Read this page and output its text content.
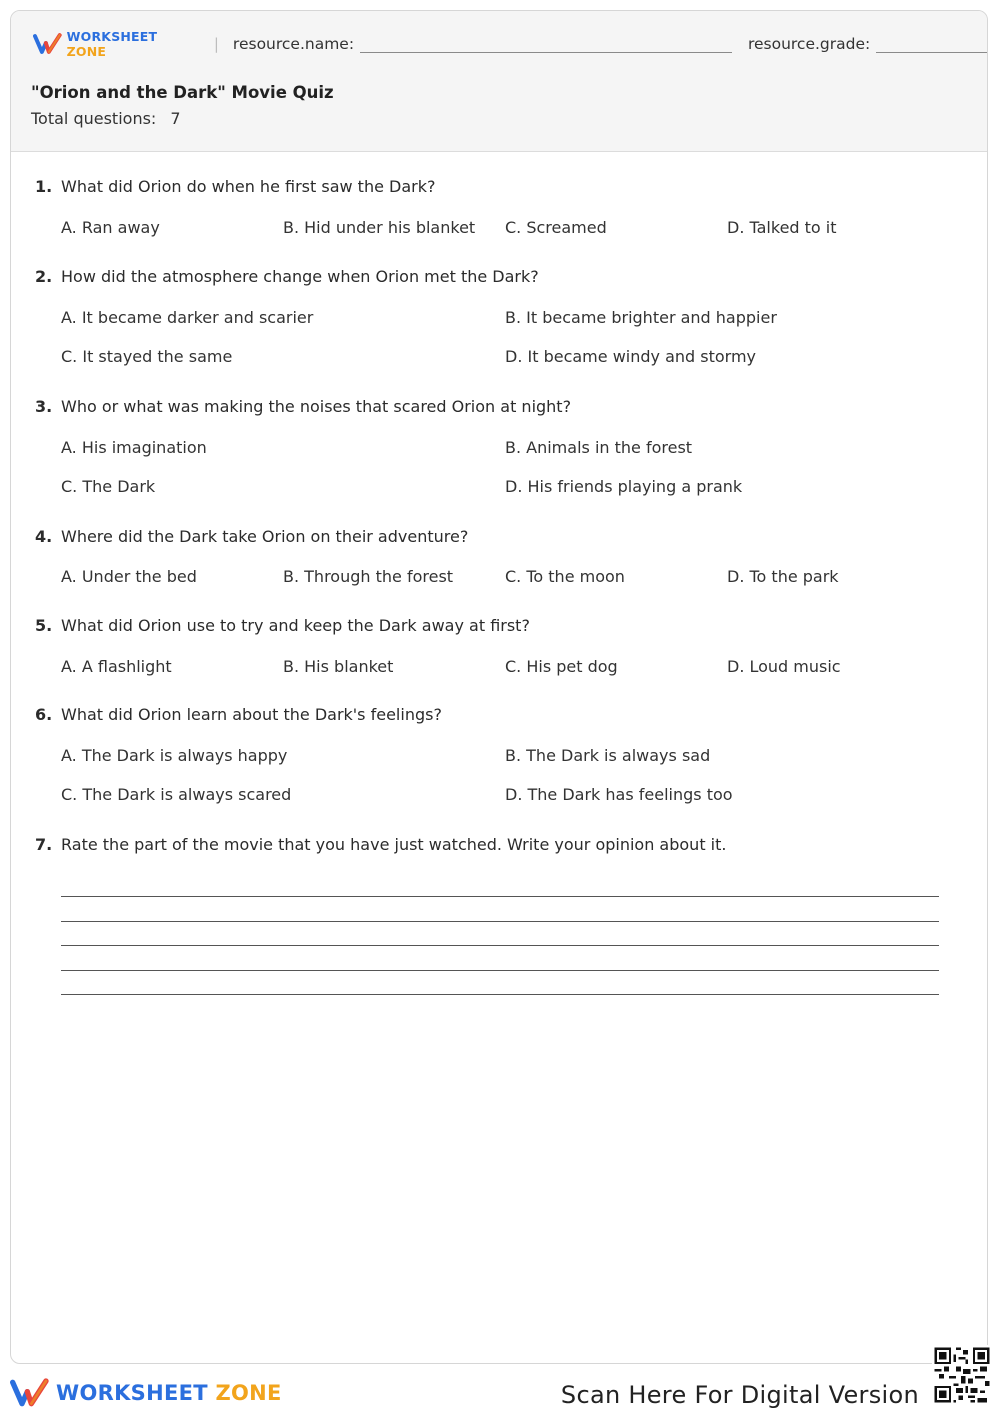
WORKSHEET ZONE	| resource.name:	resource.grade:
"Orion and the Dark" Movie Quiz
Total questions: 7
1. What did Orion do when he first saw the Dark?
A. Ran away	B. Hid under his blanket C. Screamed	D. Talked to it
2. How did the atmosphere change when Orion met the Dark?
A. It became darker and scarier	B. It became brighter and happier
C. It stayed the same	D. It became windy and stormy
3. Who or what was making the noises that scared Orion at night?
A. His imagination	B. Animals in the forest
C. The Dark	D. His friends playing a prank
4. Where did the Dark take Orion on their adventure?
A. Under the bed	B. Through the forest	C. To the moon	D. To the park
5. What did Orion use to try and keep the Dark away at first?
A. A flashlight	B. His blanket	C. His pet dog	D. Loud music
6. What did Orion learn about the Dark's feelings?
A. The Dark is always happy	B. The Dark is always sad
C. The Dark is always scared	D. The Dark has feelings too
7. Rate the part of the movie that you have just watched. Write your opinion about it.
WORKSHEET ZONE	Scan Here For Digital Version
